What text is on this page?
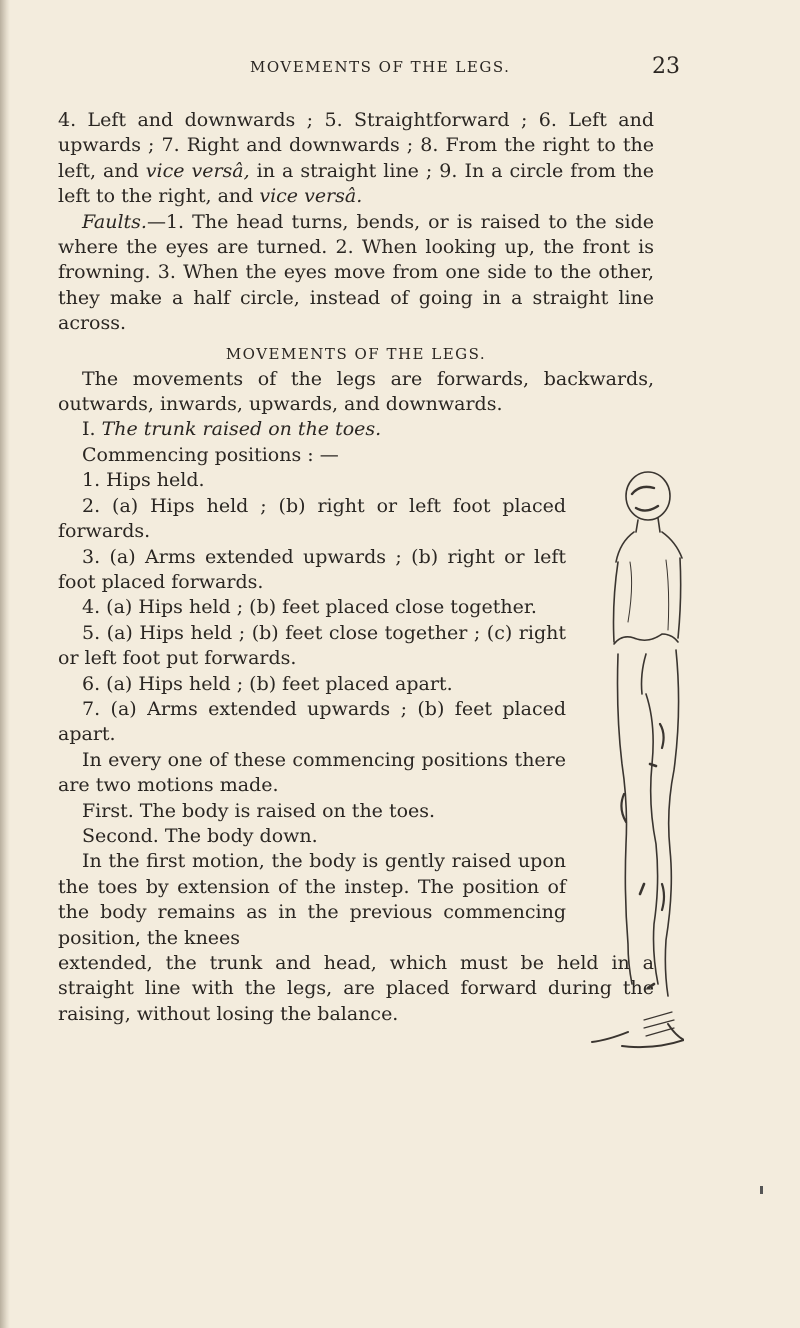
MOVEMENTS OF THE LEGS.	23

4. Left and downwards ; 5. Straightforward ; 6. Left and upwards ; 7. Right and downwards ; 8. From the right to the left, and vice versâ, in a straight line ; 9. In a circle from the left to the right, and vice versâ.

Faults.—1. The head turns, bends, or is raised to the side where the eyes are turned. 2. When looking up, the front is frowning. 3. When the eyes move from one side to the other, they make a half circle, instead of going in a straight line across.

MOVEMENTS OF THE LEGS.

The movements of the legs are forwards, backwards, outwards, inwards, upwards, and downwards.

I. The trunk raised on the toes.

Commencing positions : —

1. Hips held.

2. (a) Hips held ; (b) right or left foot placed forwards.

3. (a) Arms extended upwards ; (b) right or left foot placed forwards.

4. (a) Hips held ; (b) feet placed close together.

5. (a) Hips held ; (b) feet close together ; (c) right or left foot put forwards.

6. (a) Hips held ; (b) feet placed apart.

7. (a) Arms extended upwards ; (b) feet placed apart.

In every one of these commencing positions there are two motions made.

First. The body is raised on the toes.

Second. The body down.

In the first motion, the body is gently raised upon the toes by extension of the instep. The position of the body remains as in the previous commencing position, the knees

extended, the trunk and head, which must be held in a straight line with the legs, are placed forward during the raising, without losing the balance.
